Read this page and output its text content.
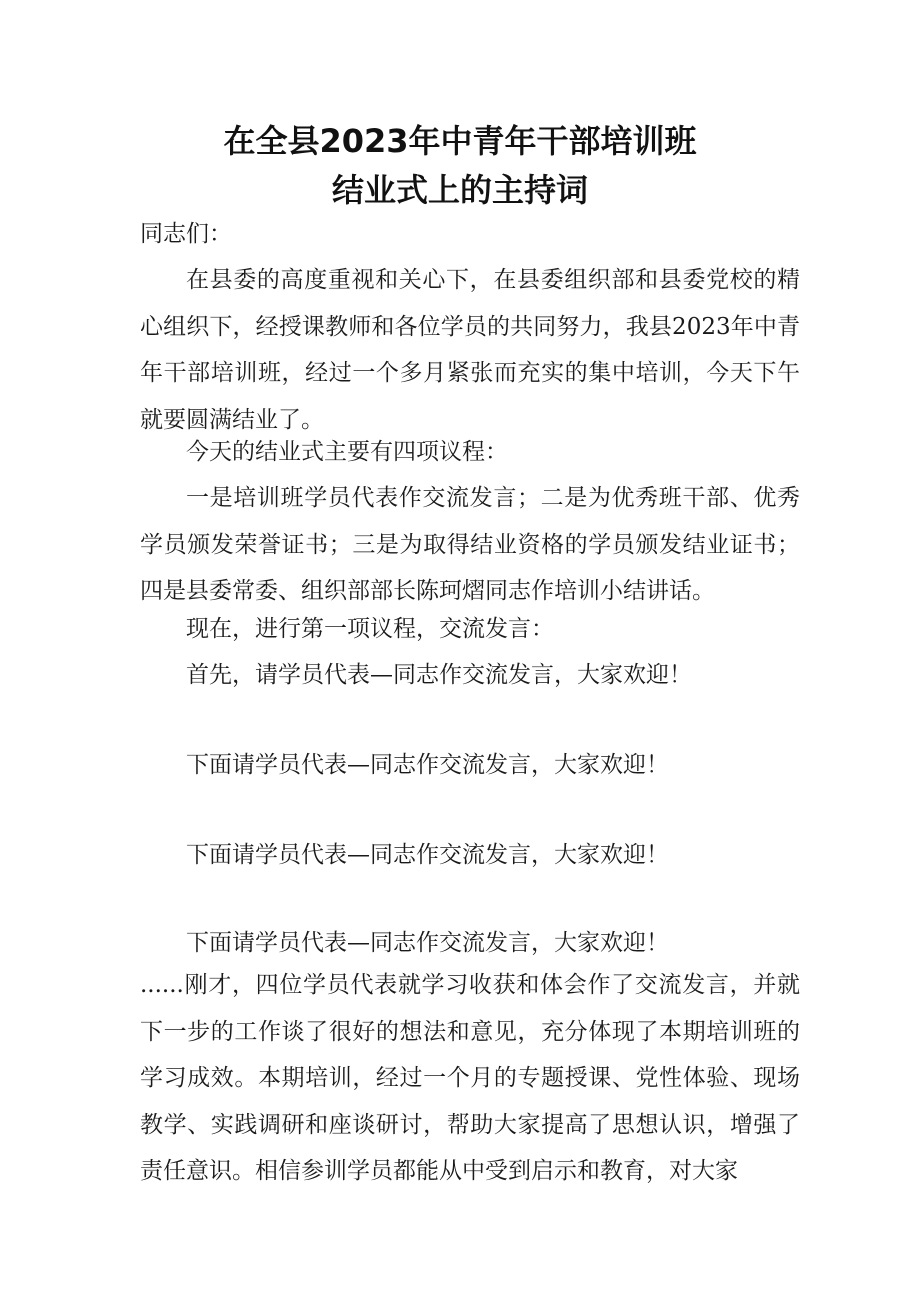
在全县2023年中青年干部培训班
结业式上的主持词

同志们：

在县委的高度重视和关心下，在县委组织部和县委党校的精心组织下，经授课教师和各位学员的共同努力，我县2023年中青年干部培训班，经过一个多月紧张而充实的集中培训，今天下午就要圆满结业了。

今天的结业式主要有四项议程：

一是培训班学员代表作交流发言；二是为优秀班干部、优秀学员颁发荣誉证书；三是为取得结业资格的学员颁发结业证书；四是县委常委、组织部部长陈珂熠同志作培训小结讲话。

现在，进行第一项议程，交流发言：

首先，请学员代表—同志作交流发言，大家欢迎！

下面请学员代表—同志作交流发言，大家欢迎！

下面请学员代表—同志作交流发言，大家欢迎！

下面请学员代表—同志作交流发言，大家欢迎！

......刚才，四位学员代表就学习收获和体会作了交流发言，并就下一步的工作谈了很好的想法和意见，充分体现了本期培训班的学习成效。本期培训，经过一个月的专题授课、党性体验、现场教学、实践调研和座谈研讨，帮助大家提高了思想认识，增强了责任意识。相信参训学员都能从中受到启示和教育，对大家
